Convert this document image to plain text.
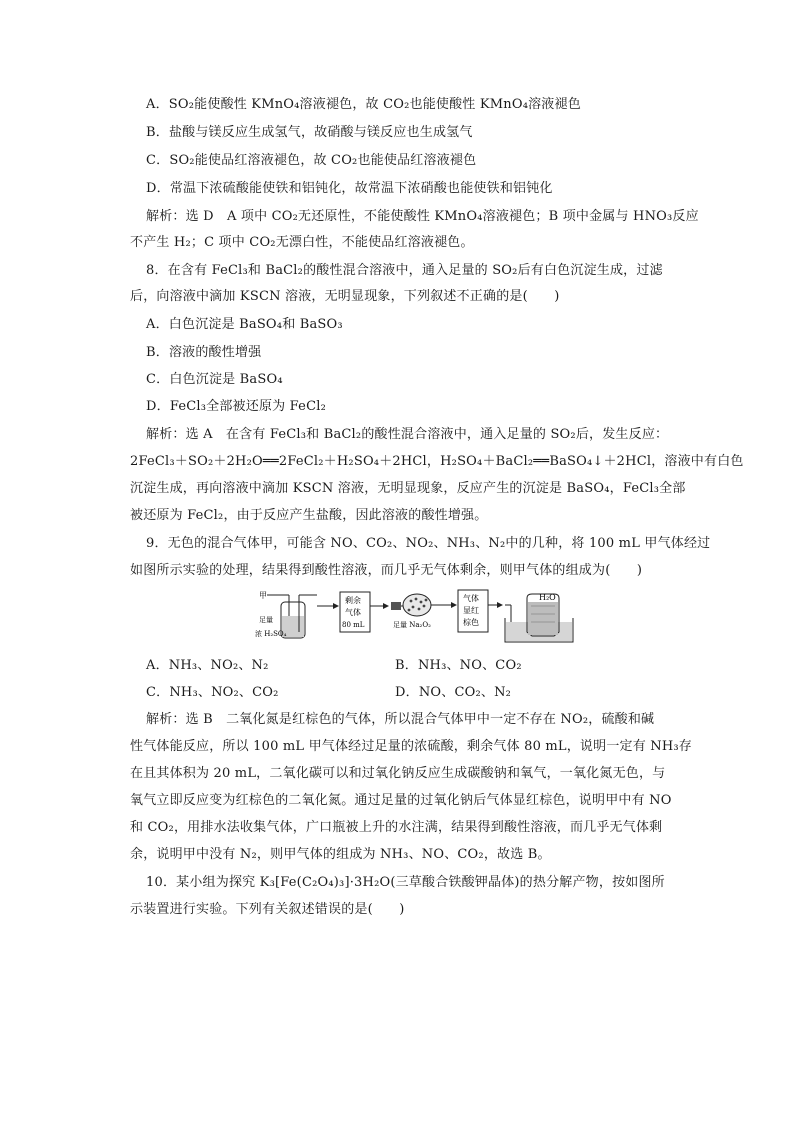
A．SO₂能使酸性 KMnO₄溶液褪色，故 CO₂也能使酸性 KMnO₄溶液褪色
B．盐酸与镁反应生成氢气，故硝酸与镁反应也生成氢气
C．SO₂能使品红溶液褪色，故 CO₂也能使品红溶液褪色
D．常温下浓硫酸能使铁和铝钝化，故常温下浓硝酸也能使铁和铝钝化
解析：选 D　A 项中 CO₂无还原性，不能使酸性 KMnO₄溶液褪色；B 项中金属与 HNO₃反应
不产生 H₂；C 项中 CO₂无漂白性，不能使品红溶液褪色。
8．在含有 FeCl₃和 BaCl₂的酸性混合溶液中，通入足量的 SO₂后有白色沉淀生成，过滤
后，向溶液中滴加 KSCN 溶液，无明显现象，下列叙述不正确的是(　　)
A．白色沉淀是 BaSO₄和 BaSO₃
B．溶液的酸性增强
C．白色沉淀是 BaSO₄
D．FeCl₃全部被还原为 FeCl₂
解析：选 A　在含有 FeCl₃和 BaCl₂的酸性混合溶液中，通入足量的 SO₂后，发生反应：
2FeCl₃＋SO₂＋2H₂O══2FeCl₂＋H₂SO₄＋2HCl，H₂SO₄＋BaCl₂══BaSO₄↓＋2HCl，溶液中有白色
沉淀生成，再向溶液中滴加 KSCN 溶液，无明显现象，反应产生的沉淀是 BaSO₄，FeCl₃全部
被还原为 FeCl₂，由于反应产生盐酸，因此溶液的酸性增强。
9．无色的混合气体甲，可能含 NO、CO₂、NO₂、NH₃、N₂中的几种，将 100 mL 甲气体经过
如图所示实验的处理，结果得到酸性溶液，而几乎无气体剩余，则甲气体的组成为(　　)
甲
足量
浓 H₂SO₄
剩余
气体
80 mL	足量 Na₂O₂
气体
显红
棕色
H₂O
A．NH₃、NO₂、N₂	B．NH₃、NO、CO₂
C．NH₃、NO₂、CO₂	D．NO、CO₂、N₂
解析：选 B　二氧化氮是红棕色的气体，所以混合气体甲中一定不存在 NO₂，硫酸和碱
性气体能反应，所以 100 mL 甲气体经过足量的浓硫酸，剩余气体 80 mL，说明一定有 NH₃存
在且其体积为 20 mL，二氧化碳可以和过氧化钠反应生成碳酸钠和氧气，一氧化氮无色，与
氧气立即反应变为红棕色的二氧化氮。通过足量的过氧化钠后气体显红棕色，说明甲中有 NO
和 CO₂，用排水法收集气体，广口瓶被上升的水注满，结果得到酸性溶液，而几乎无气体剩
余，说明甲中没有 N₂，则甲气体的组成为 NH₃、NO、CO₂，故选 B。
10．某小组为探究 K₃[Fe(C₂O₄)₃]·3H₂O(三草酸合铁酸钾晶体)的热分解产物，按如图所
示装置进行实验。下列有关叙述错误的是(　　)
